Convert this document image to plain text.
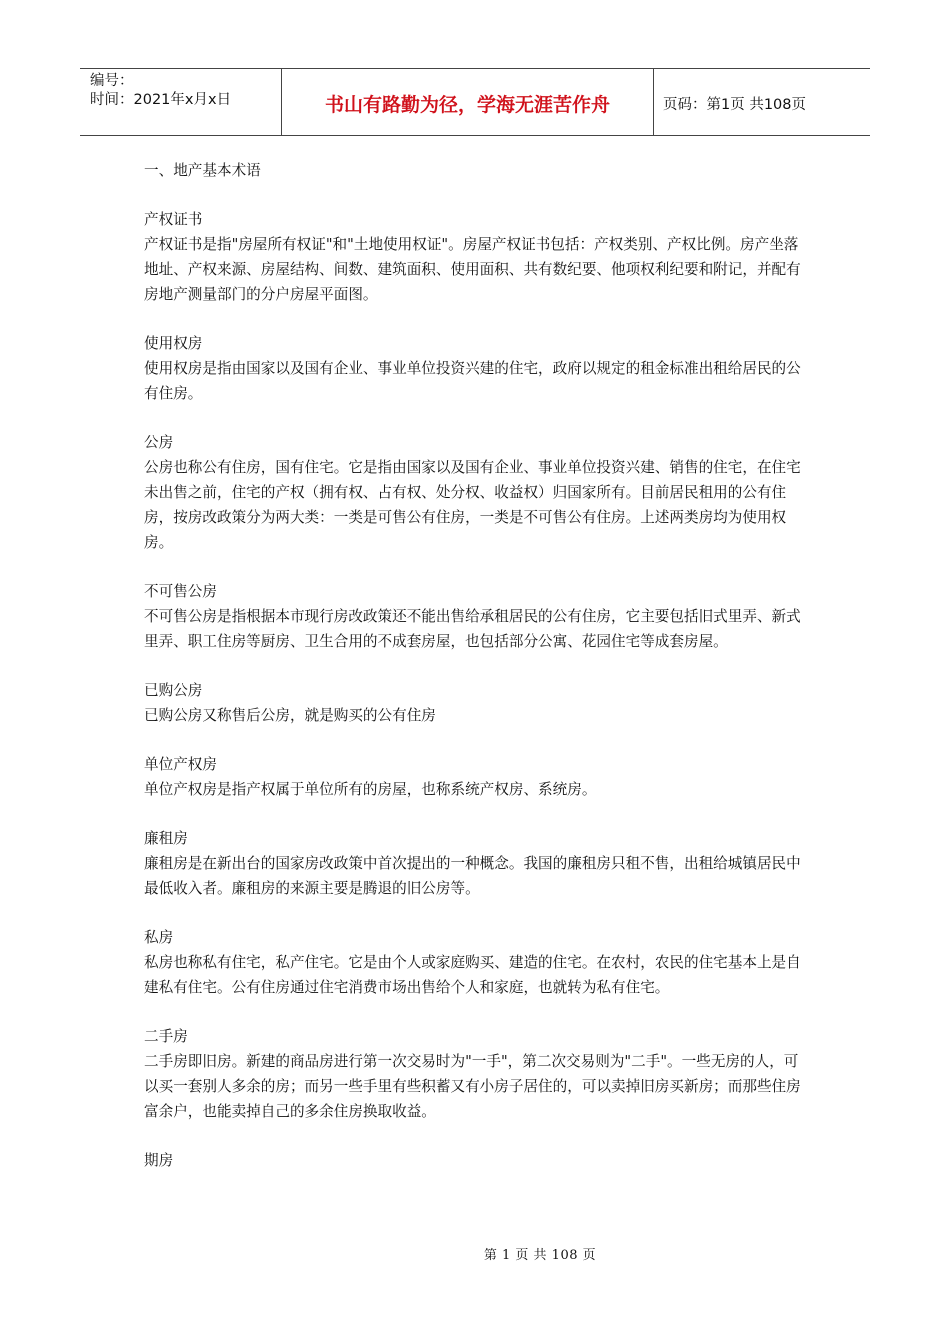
编号：
时间：2021年x月x日	书山有路勤为径，学海无涯苦作舟	页码：第1页 共108页

一、地产基本术语

产权证书

产权证书是指"房屋所有权证"和"土地使用权证"。房屋产权证书包括：产权类别、产权比例。房产坐落地址、产权来源、房屋结构、间数、建筑面积、使用面积、共有数纪要、他项权利纪要和附记，并配有房地产测量部门的分户房屋平面图。

使用权房

使用权房是指由国家以及国有企业、事业单位投资兴建的住宅，政府以规定的租金标准出租给居民的公有住房。

公房

公房也称公有住房，国有住宅。它是指由国家以及国有企业、事业单位投资兴建、销售的住宅，在住宅未出售之前，住宅的产权（拥有权、占有权、处分权、收益权）归国家所有。目前居民租用的公有住房，按房改政策分为两大类：一类是可售公有住房，一类是不可售公有住房。上述两类房均为使用权房。

不可售公房

不可售公房是指根据本市现行房改政策还不能出售给承租居民的公有住房，它主要包括旧式里弄、新式里弄、职工住房等厨房、卫生合用的不成套房屋，也包括部分公寓、花园住宅等成套房屋。

已购公房

已购公房又称售后公房，就是购买的公有住房

单位产权房

单位产权房是指产权属于单位所有的房屋，也称系统产权房、系统房。

廉租房

廉租房是在新出台的国家房改政策中首次提出的一种概念。我国的廉租房只租不售，出租给城镇居民中最低收入者。廉租房的来源主要是腾退的旧公房等。

私房

私房也称私有住宅，私产住宅。它是由个人或家庭购买、建造的住宅。在农村，农民的住宅基本上是自建私有住宅。公有住房通过住宅消费市场出售给个人和家庭，也就转为私有住宅。

二手房

二手房即旧房。新建的商品房进行第一次交易时为"一手"，第二次交易则为"二手"。一些无房的人，可以买一套别人多余的房；而另一些手里有些积蓄又有小房子居住的，可以卖掉旧房买新房；而那些住房富余户，也能卖掉自己的多余住房换取收益。

期房

第 1 页 共 108 页
